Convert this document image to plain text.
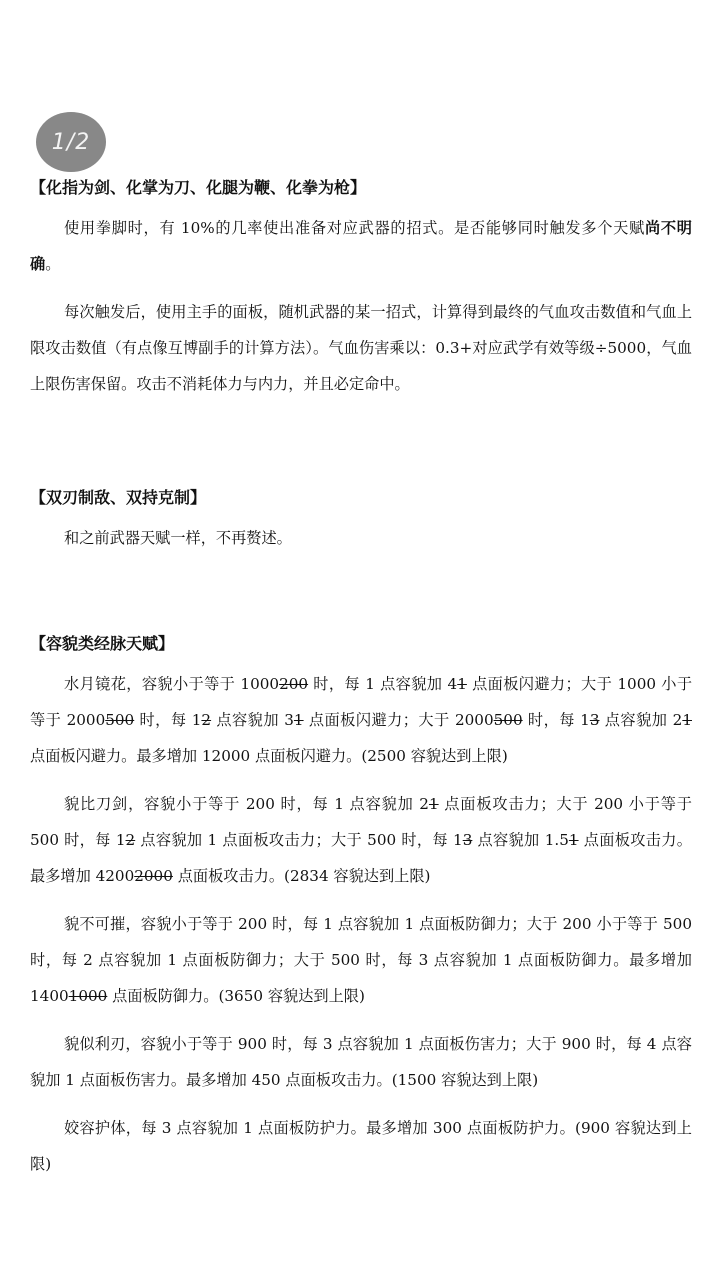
1/2

【化指为剑、化掌为刀、化腿为鞭、化拳为枪】

使用拳脚时，有 10%的几率使出准备对应武器的招式。是否能够同时触发多个天赋尚不明确。

每次触发后，使用主手的面板，随机武器的某一招式，计算得到最终的气血攻击数值和气血上限攻击数值（有点像互博副手的计算方法）。气血伤害乘以：0.3+对应武学有效等级÷5000，气血上限伤害保留。攻击不消耗体力与内力，并且必定命中。

【双刃制敌、双持克制】

和之前武器天赋一样，不再赘述。

【容貌类经脉天赋】

水月镜花，容貌小于等于 1000200 时，每 1 点容貌加 41 点面板闪避力；大于 1000 小于等于 2000500 时，每 12 点容貌加 31 点面板闪避力；大于 2000500 时，每 13 点容貌加 21 点面板闪避力。最多增加 12000 点面板闪避力。(2500 容貌达到上限)

貌比刀剑，容貌小于等于 200 时，每 1 点容貌加 21 点面板攻击力；大于 200 小于等于 500 时，每 12 点容貌加 1 点面板攻击力；大于 500 时，每 13 点容貌加 1.51 点面板攻击力。最多增加 42002000 点面板攻击力。(2834 容貌达到上限)

貌不可摧，容貌小于等于 200 时，每 1 点容貌加 1 点面板防御力；大于 200 小于等于 500 时，每 2 点容貌加 1 点面板防御力；大于 500 时，每 3 点容貌加 1 点面板防御力。最多增加 14001000 点面板防御力。(3650 容貌达到上限)

貌似利刃，容貌小于等于 900 时，每 3 点容貌加 1 点面板伤害力；大于 900 时，每 4 点容貌加 1 点面板伤害力。最多增加 450 点面板攻击力。(1500 容貌达到上限)

姣容护体，每 3 点容貌加 1 点面板防护力。最多增加 300 点面板防护力。(900 容貌达到上限)
